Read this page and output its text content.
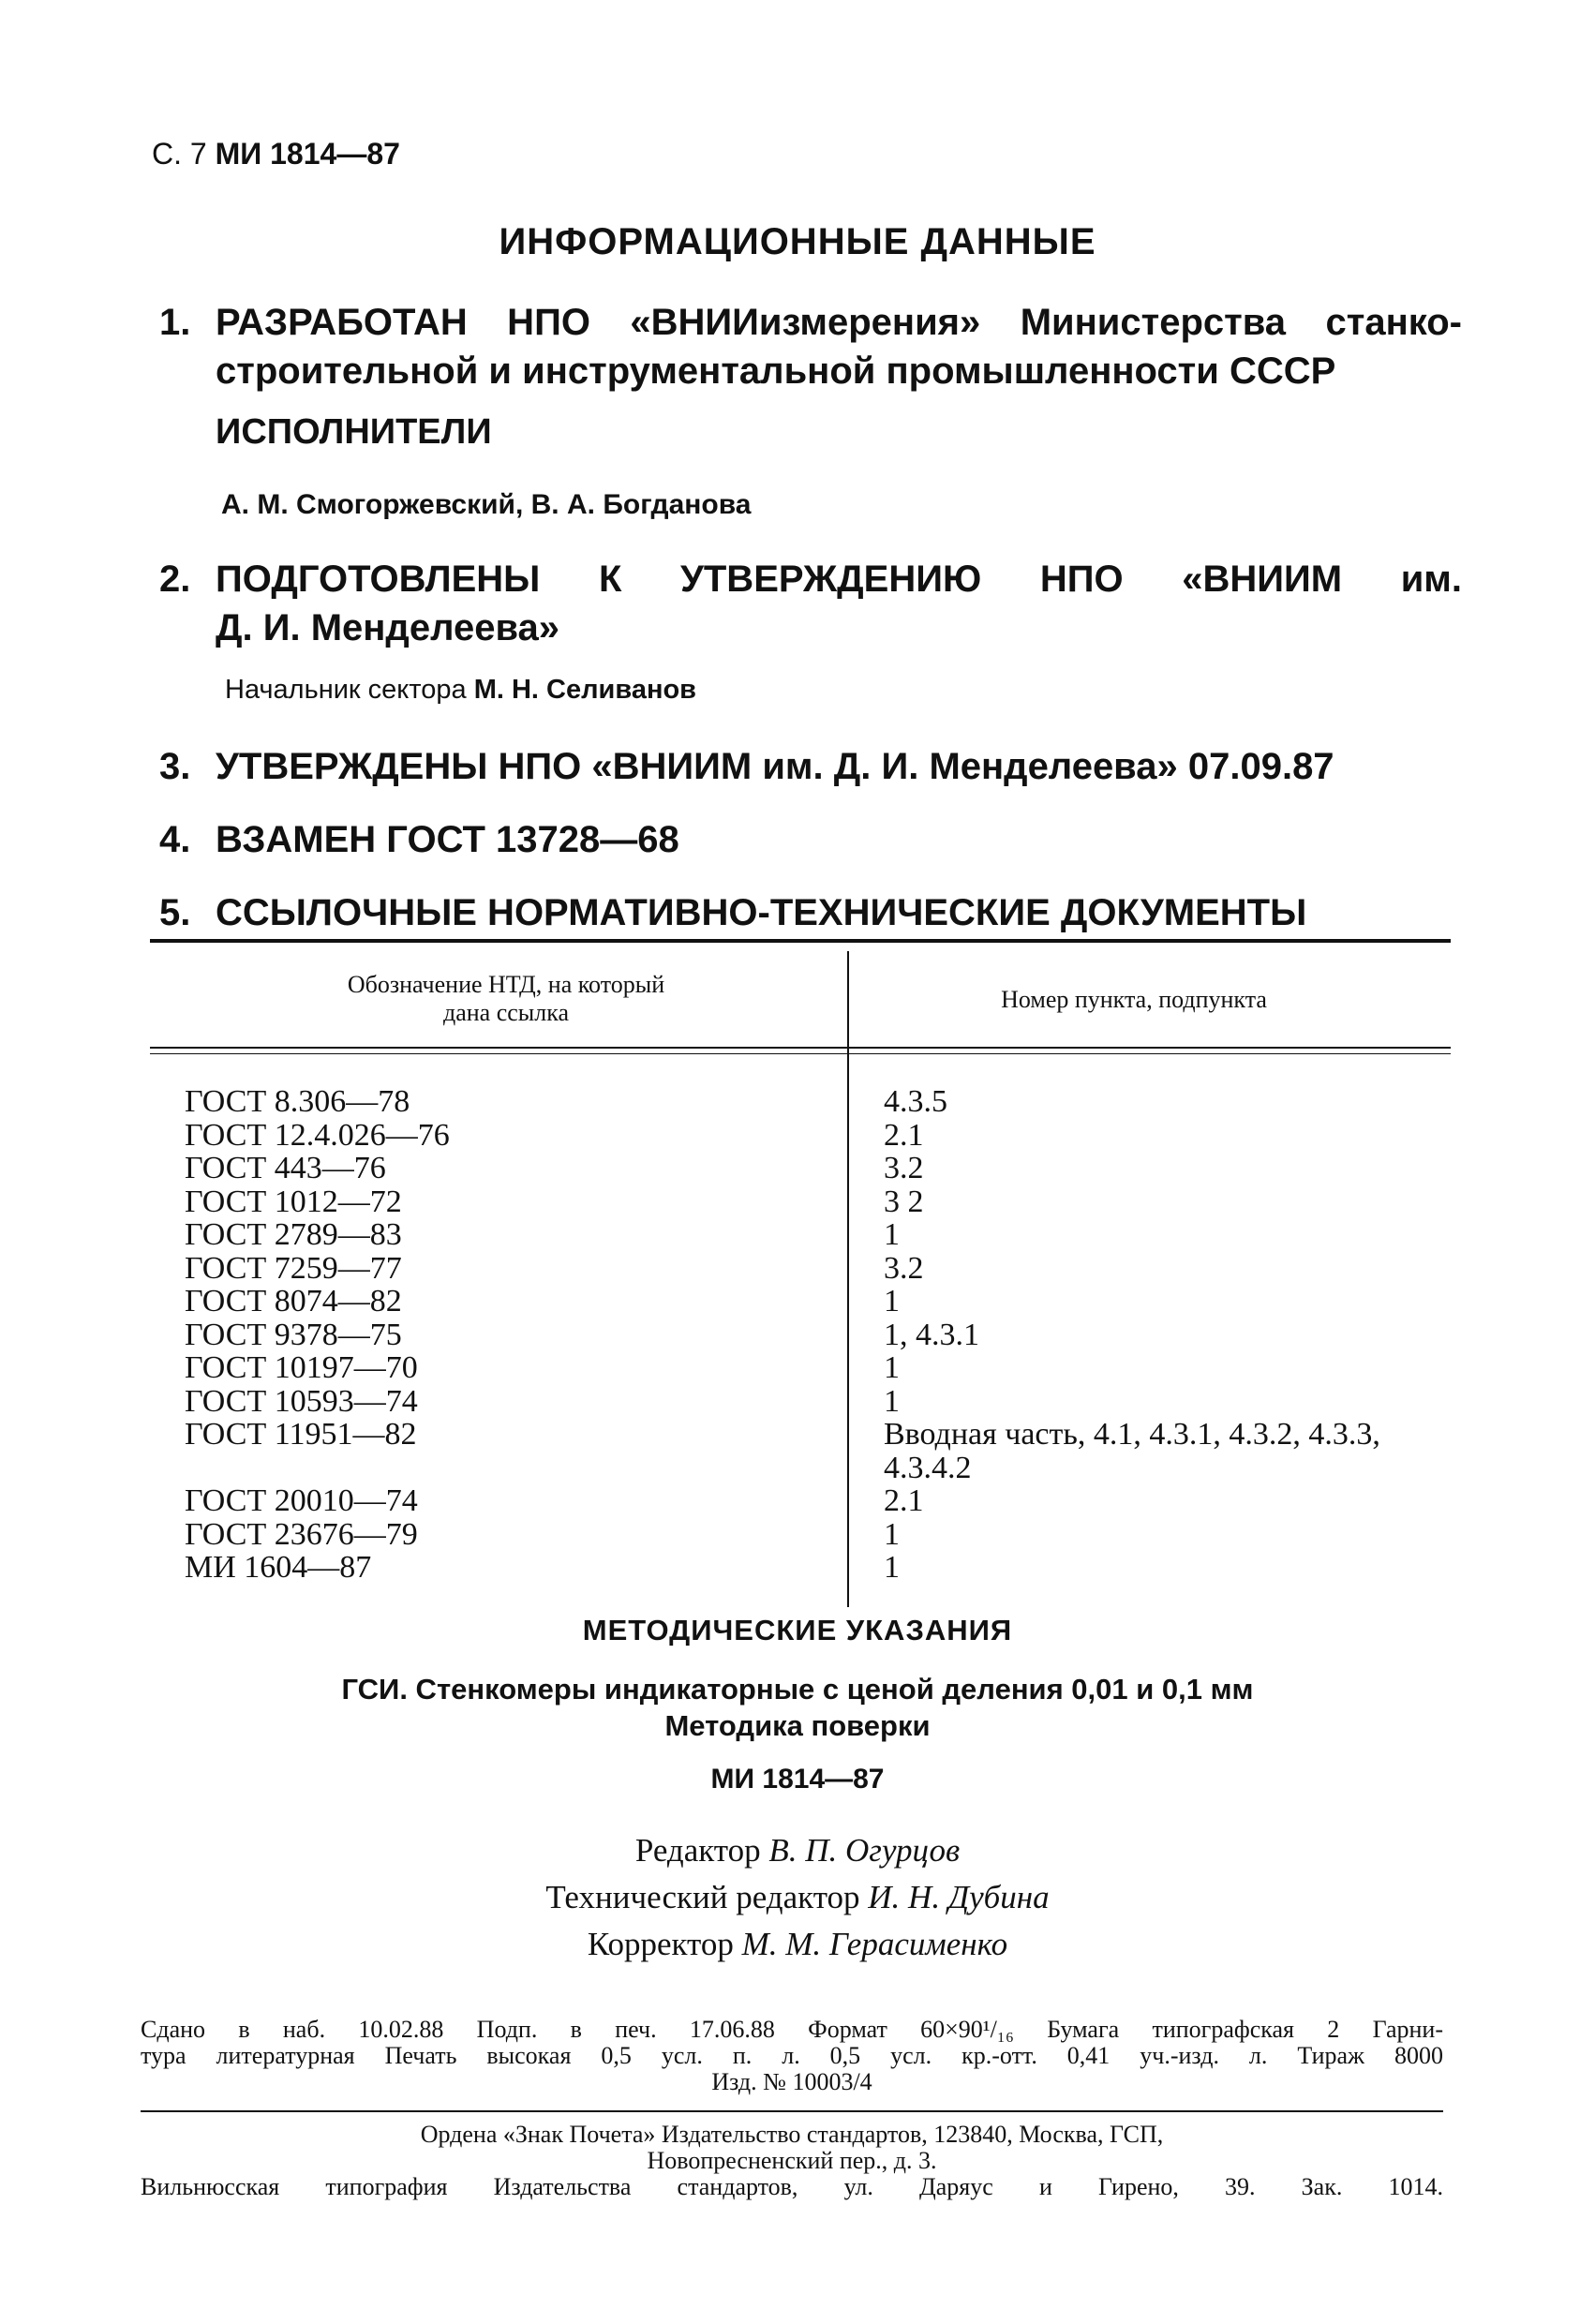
С. 7 МИ 1814—87
ИНФОРМАЦИОННЫЕ ДАННЫЕ
1. РАЗРАБОТАН НПО «ВНИИизмерения» Министерства станко-
строительной и инструментальной промышленности СССР
ИСПОЛНИТЕЛИ
А. М. Смогоржевский, В. А. Богданова
2. ПОДГОТОВЛЕНЫ К УТВЕРЖДЕНИЮ НПО «ВНИИМ им.
Д. И. Менделеева»
Начальник сектора М. Н. Селиванов
3. УТВЕРЖДЕНЫ НПО «ВНИИМ им. Д. И. Менделеева» 07.09.87
4. ВЗАМЕН ГОСТ 13728—68
5. ССЫЛОЧНЫЕ НОРМАТИВНО-ТЕХНИЧЕСКИЕ ДОКУМЕНТЫ
Обозначение НТД, на который
дана ссылка	Номер пункта, подпункта
ГОСТ 8.306—78
ГОСТ 12.4.026—76
ГОСТ 443—76
ГОСТ 1012—72
ГОСТ 2789—83
ГОСТ 7259—77
ГОСТ 8074—82
ГОСТ 9378—75
ГОСТ 10197—70
ГОСТ 10593—74
ГОСТ 11951—82
ГОСТ 20010—74
ГОСТ 23676—79
МИ 1604—87
4.3.5
2.1
3.2
3 2
1
3.2
1
1, 4.3.1
1
1
Вводная часть, 4.1, 4.3.1, 4.3.2, 4.3.3, 4.3.4.2
2.1
1
1
МЕТОДИЧЕСКИЕ УКАЗАНИЯ
ГСИ. Стенкомеры индикаторные с ценой деления 0,01 и 0,1 мм
Методика поверки
МИ 1814—87
Редактор В. П. Огурцов
Технический редактор И. Н. Дубина
Корректор М. М. Герасименко
Сдано в наб. 10.02.88 Подп. в печ. 17.06.88 Формат 60×90¹/₁₆ Бумага типографская 2 Гарни-
тура литературная Печать высокая 0,5 усл. п. л. 0,5 усл. кр.-отт. 0,41 уч.-изд. л. Тираж 8000
Изд. № 10003/4
Ордена «Знак Почета» Издательство стандартов, 123840, Москва, ГСП,
Новопресненский пер., д. 3.
Вильнюсская типография Издательства стандартов, ул. Даряус и Гирено, 39. Зак. 1014.
